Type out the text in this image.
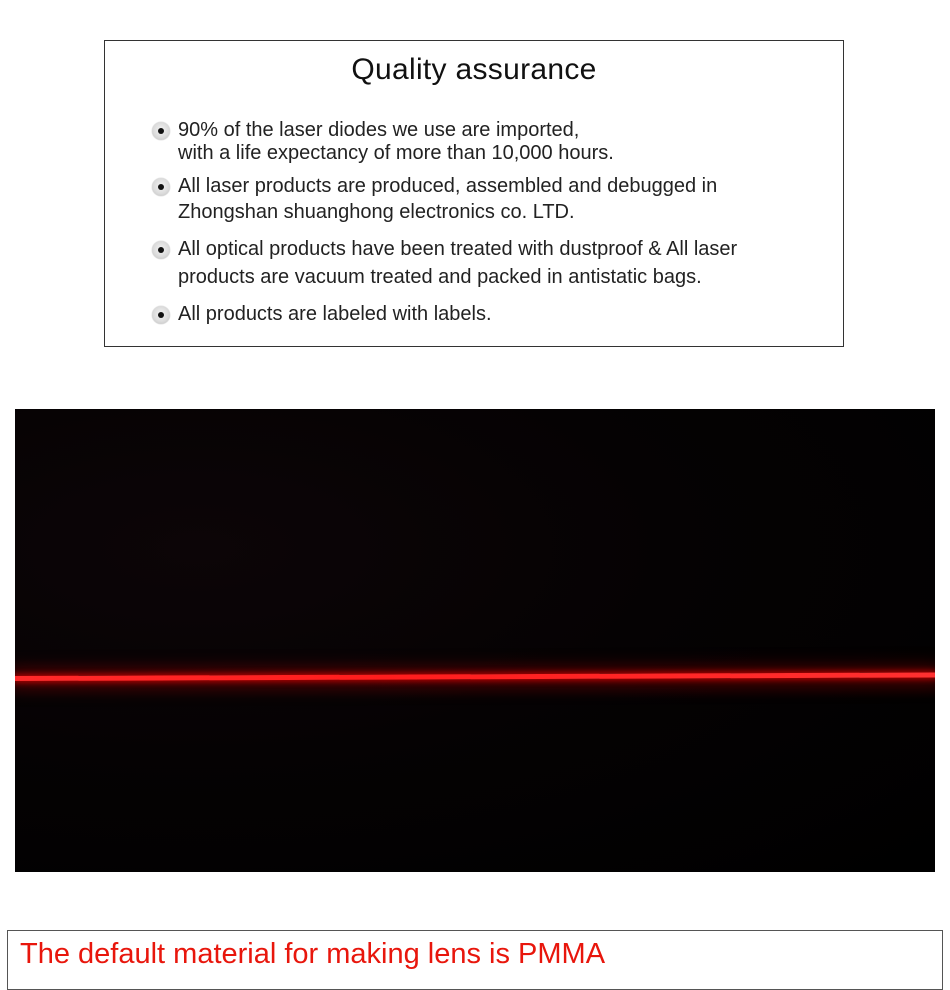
Quality assurance
90% of the laser diodes we use are imported,
with a life expectancy of more than 10,000 hours.
All laser products are produced, assembled and debugged in
Zhongshan shuanghong electronics co. LTD.
All optical products have been treated with dustproof & All laser
products are vacuum treated and packed in antistatic bags.
All products are labeled with labels.
The default material for making lens is PMMA
